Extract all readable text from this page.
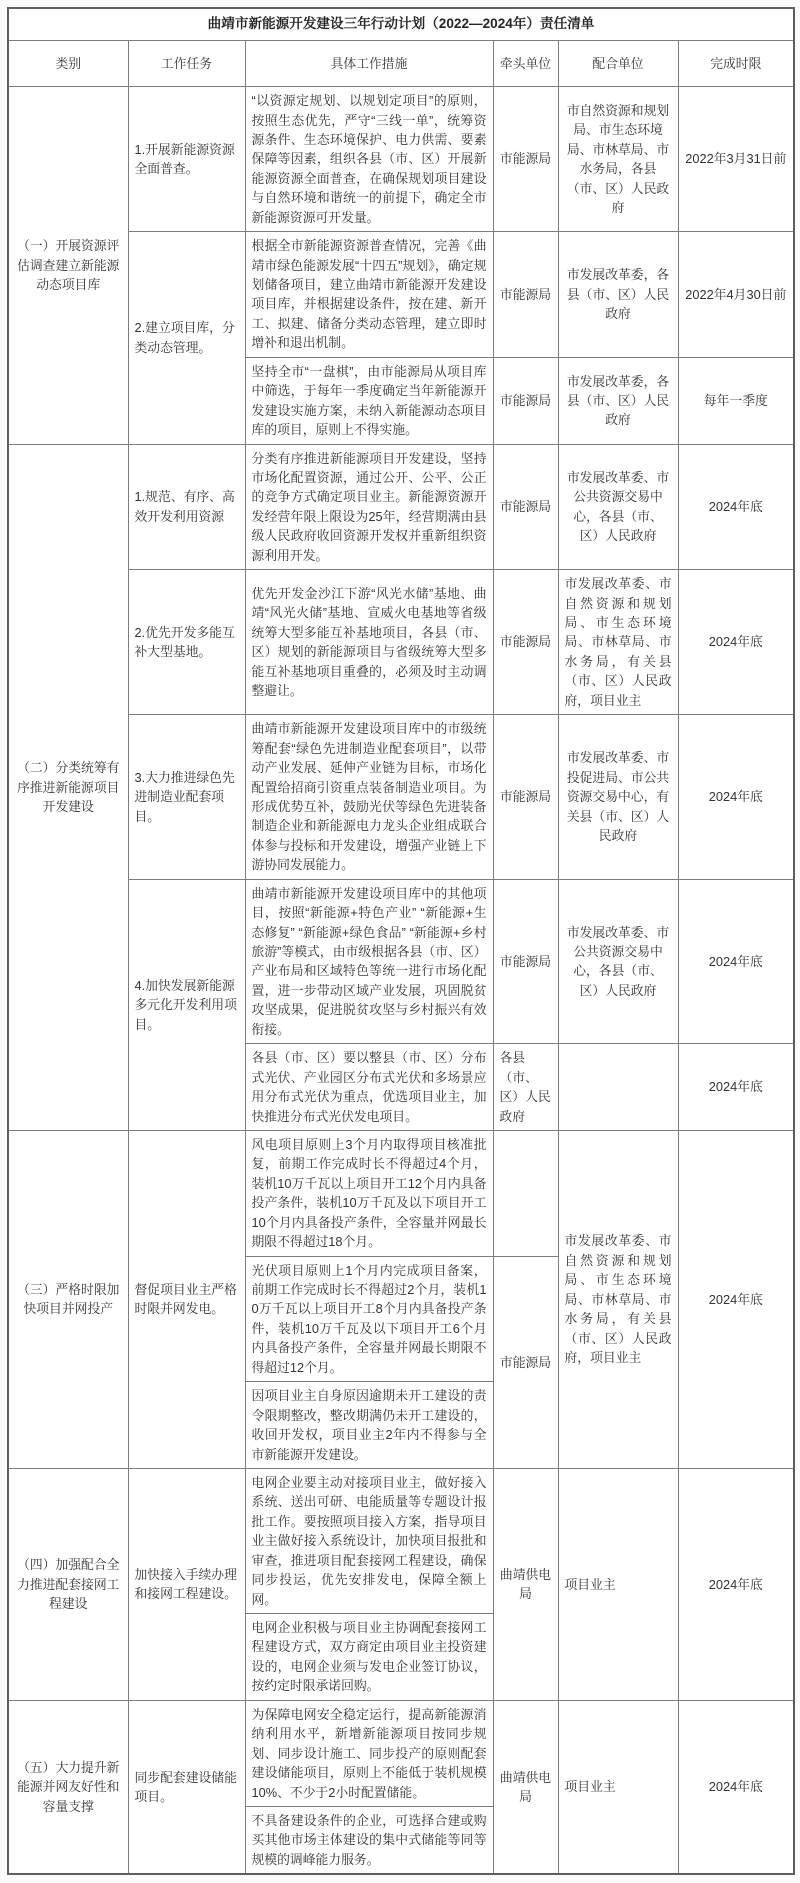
曲靖市新能源开发建设三年行动计划（2022—2024年）责任清单					
类别	工作任务	具体工作措施	牵头单位	配合单位	完成时限
（一）开展资源评估调查建立新能源动态项目库	1.开展新能源资源全面普查。	“以资源定规划、以规划定项目”的原则，按照生态优先，严守“三线一单”，统筹资源条件、生态环境保护、电力供需、要素保障等因素，组织各县（市、区）开展新能源资源全面普查，在确保规划项目建设与自然环境和谐统一的前提下，确定全市新能源资源可开发量。	市能源局	市自然资源和规划局、市生态环境局、市林草局、市水务局，各县（市、区）人民政府	2022年3月31日前
	2.建立项目库，分类动态管理。	根据全市新能源资源普查情况，完善《曲靖市绿色能源发展“十四五”规划》，确定规划储备项目，建立曲靖市新能源开发建设项目库，并根据建设条件，按在建、新开工、拟建、储备分类动态管理，建立即时增补和退出机制。	市能源局	市发展改革委，各县（市、区）人民政府	2022年4月30日前
		坚持全市“一盘棋”，由市能源局从项目库中筛选，于每年一季度确定当年新能源开发建设实施方案，未纳入新能源动态项目库的项目，原则上不得实施。	市能源局	市发展改革委，各县（市、区）人民政府	每年一季度
（二）分类统筹有序推进新能源项目开发建设	1.规范、有序、高效开发利用资源	分类有序推进新能源项目开发建设，坚持市场化配置资源，通过公开、公平、公正的竞争方式确定项目业主。新能源资源开发经营年限上限设为25年，经营期满由县级人民政府收回资源开发权并重新组织资源利用开发。	市能源局	市发展改革委、市公共资源交易中心，各县（市、区）人民政府	2024年底
	2.优先开发多能互补大型基地。	优先开发金沙江下游“风光水储”基地、曲靖“风光火储”基地、宣威火电基地等省级统筹大型多能互补基地项目，各县（市、区）规划的新能源项目与省级统筹大型多能互补基地项目重叠的，必须及时主动调整避让。	市能源局	市发展改革委、市自然资源和规划局、市生态环境局、市林草局、市水务局，有关县（市、区）人民政府，项目业主	2024年底
	3.大力推进绿色先进制造业配套项目。	曲靖市新能源开发建设项目库中的市级统筹配套“绿色先进制造业配套项目”，以带动产业发展、延伸产业链为目标，市场化配置给招商引资重点装备制造业项目。为形成优势互补，鼓励光伏等绿色先进装备制造企业和新能源电力龙头企业组成联合体参与投标和开发建设，增强产业链上下游协同发展能力。	市能源局	市发展改革委、市投促进局、市公共资源交易中心，有关县（市、区）人民政府	2024年底
	4.加快发展新能源多元化开发利用项目。	曲靖市新能源开发建设项目库中的其他项目，按照“新能源+特色产业” “新能源+生态修复” “新能源+绿色食品” “新能源+乡村旅游”等模式，由市级根据各县（市、区）产业布局和区域特色等统一进行市场化配置，进一步带动区域产业发展，巩固脱贫攻坚成果，促进脱贫攻坚与乡村振兴有效衔接。	市能源局	市发展改革委、市公共资源交易中心，各县（市、区）人民政府	2024年底
		各县（市、区）要以整县（市、区）分布式光伏、产业园区分布式光伏和多场景应用分布式光伏为重点，优选项目业主，加快推进分布式光伏发电项目。	各县（市、区）人民政府		2024年底
（三）严格时限加快项目并网投产	督促项目业主严格时限并网发电。	风电项目原则上3个月内取得项目核准批复，前期工作完成时长不得超过4个月，装机10万千瓦以上项目开工12个月内具备投产条件，装机10万千瓦及以下项目开工10个月内具备投产条件，全容量并网最长期限不得超过18个月。		市发展改革委、市自然资源和规划局、市生态环境局、市林草局、市水务局，有关县（市、区）人民政府，项目业主	2024年底
		光伏项目原则上1个月内完成项目备案，前期工作完成时长不得超过2个月，装机10万千瓦以上项目开工8个月内具备投产条件，装机10万千瓦及以下项目开工6个月内具备投产条件，全容量并网最长期限不得超过12个月。	市能源局		
		因项目业主自身原因逾期未开工建设的责令限期整改，整改期满仍未开工建设的，收回开发权，项目业主2年内不得参与全市新能源开发建设。			
（四）加强配合全力推进配套接网工程建设	加快接入手续办理和接网工程建设。	电网企业要主动对接项目业主，做好接入系统、送出可研、电能质量等专题设计报批工作。要按照项目接入方案，指导项目业主做好接入系统设计，加快项目报批和审查，推进项目配套接网工程建设，确保同步投运，优先安排发电，保障全额上网。	曲靖供电局	项目业主	2024年底
		电网企业积极与项目业主协调配套接网工程建设方式，双方商定由项目业主投资建设的，电网企业须与发电企业签订协议，按约定时限承诺回购。			
（五）大力提升新能源并网友好性和容量支撑	同步配套建设储能项目。	为保障电网安全稳定运行，提高新能源消纳利用水平，新增新能源项目按同步规划、同步设计施工、同步投产的原则配套建设储能项目，原则上不能低于装机规模10%、不少于2小时配置储能。	曲靖供电局	项目业主	2024年底
		不具备建设条件的企业，可选择合建或购买其他市场主体建设的集中式储能等同等规模的调峰能力服务。			
